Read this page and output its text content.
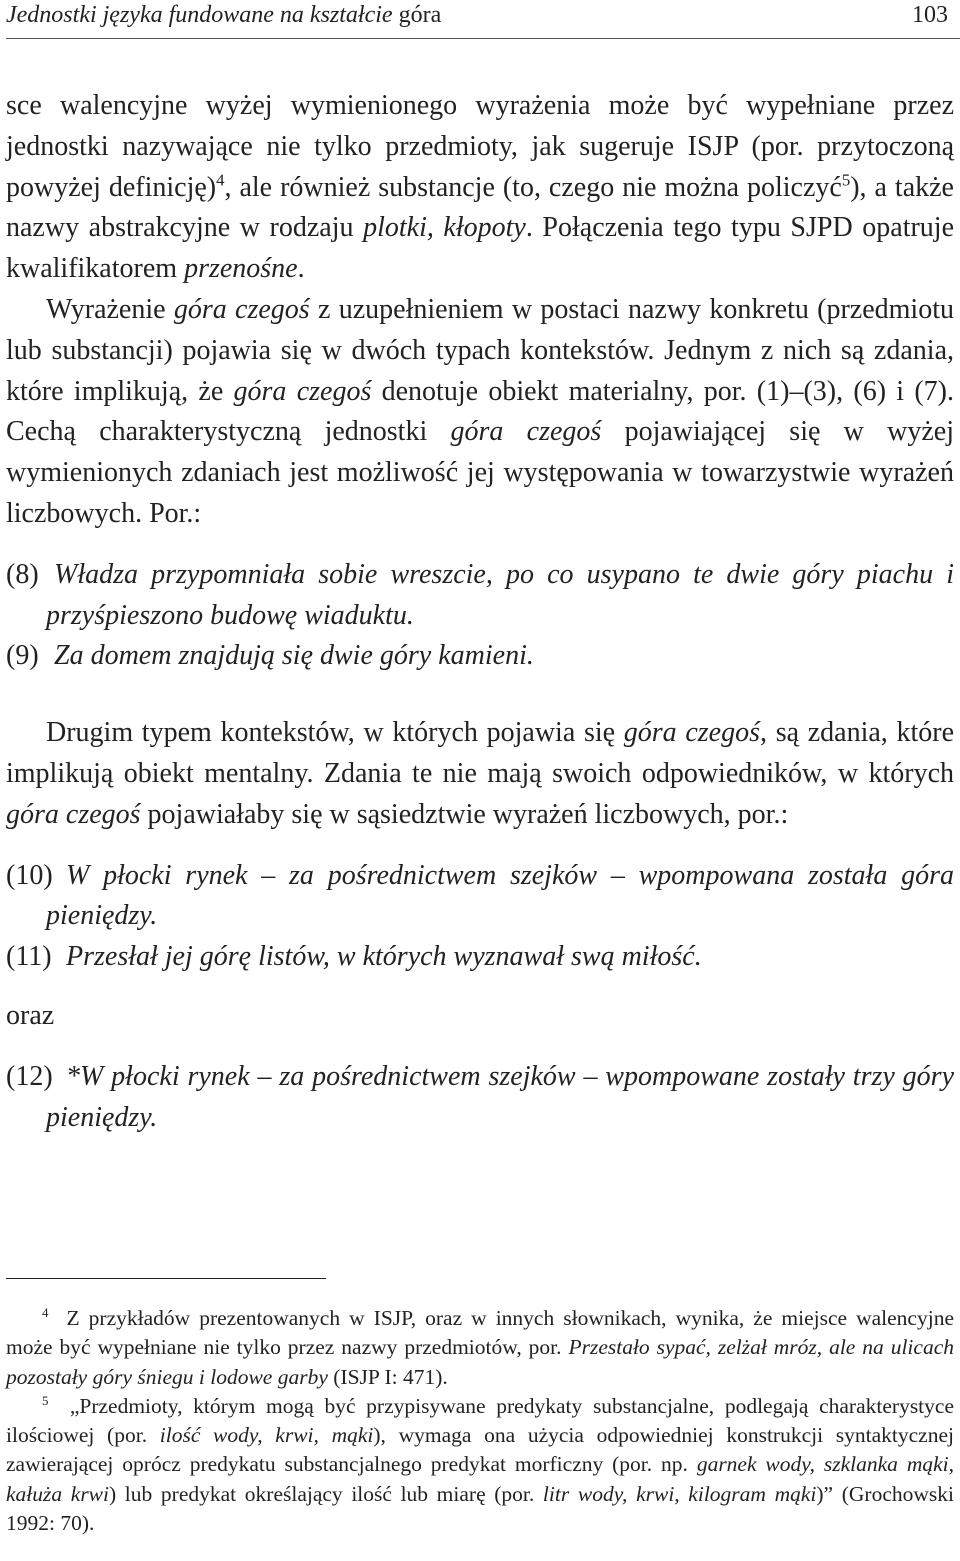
Jednostki języka fundowane na kształcie góra	103

sce walencyjne wyżej wymienionego wyrażenia może być wypełniane przez jednostki nazywające nie tylko przedmioty, jak sugeruje ISJP (por. przytoczoną powyżej definicję)$^4$, ale również substancje (to, czego nie można policzyć$^5$), a także nazwy abstrakcyjne w rodzaju plotki, kłopoty. Połączenia tego typu SJPD opatruje kwalifikatorem przenośne.

Wyrażenie góra czegoś z uzupełnieniem w postaci nazwy konkretu (przedmiotu lub substancji) pojawia się w dwóch typach kontekstów. Jednym z nich są zdania, które implikują, że góra czegoś denotuje obiekt materialny, por. (1)–(3), (6) i (7). Cechą charakterystyczną jednostki góra czegoś pojawiającej się w wyżej wymienionych zdaniach jest możliwość jej występowania w towarzystwie wyrażeń liczbowych. Por.:

(8) Władza przypomniała sobie wreszcie, po co usypano te dwie góry piachu i przyśpieszono budowę wiaduktu.

(9) Za domem znajdują się dwie góry kamieni.

Drugim typem kontekstów, w których pojawia się góra czegoś, są zdania, które implikują obiekt mentalny. Zdania te nie mają swoich odpowiedników, w których góra czegoś pojawiałaby się w sąsiedztwie wyrażeń liczbowych, por.:

(10) W płocki rynek – za pośrednictwem szejków – wpompowana została góra pieniędzy.

(11) Przesłał jej górę listów, w których wyznawał swą miłość.

oraz

(12) *W płocki rynek – za pośrednictwem szejków – wpompowane zostały trzy góry pieniędzy.

$^4$ Z przykładów prezentowanych w ISJP, oraz w innych słownikach, wynika, że miejsce walencyjne może być wypełniane nie tylko przez nazwy przedmiotów, por. Przestało sypać, zelżał mróz, ale na ulicach pozostały góry śniegu i lodowe garby (ISJP I: 471).

$^5$ „Przedmioty, którym mogą być przypisywane predykaty substancjalne, podlegają charakterystyce ilościowej (por. ilość wody, krwi, mąki), wymaga ona użycia odpowiedniej konstrukcji syntaktycznej zawierającej oprócz predykatu substancjalnego predykat morficzny (por. np. garnek wody, szklanka mąki, kałuża krwi) lub predykat określający ilość lub miarę (por. litr wody, krwi, kilogram mąki)” (Grochowski 1992: 70).
